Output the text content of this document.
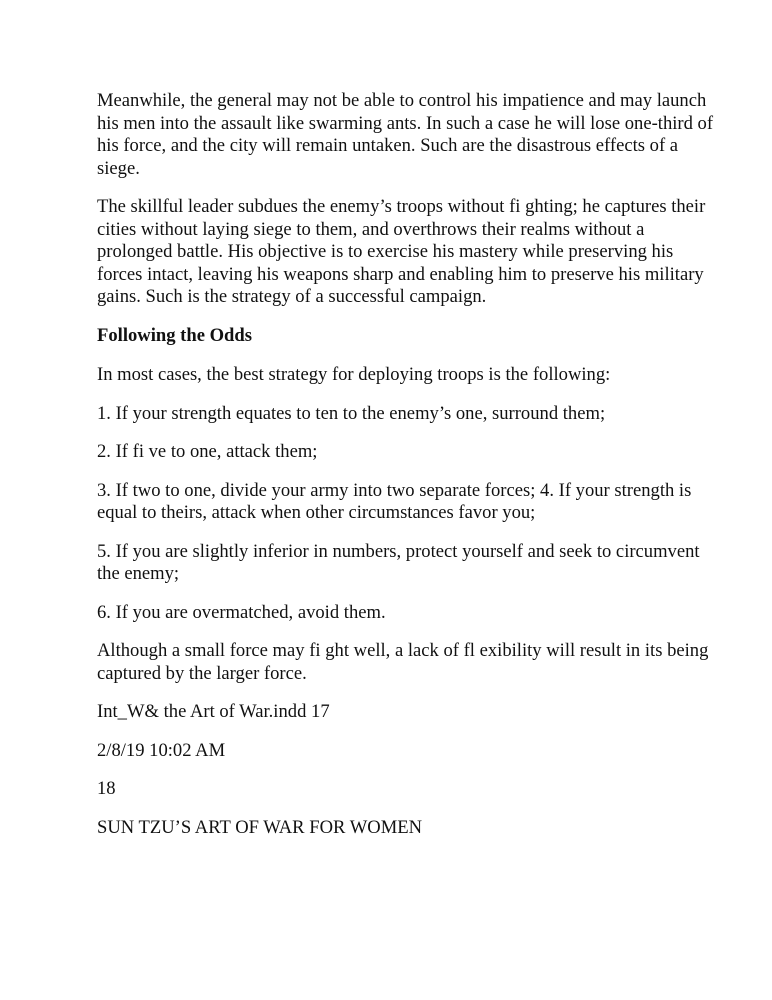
Meanwhile, the general may not be able to control his impatience and may launch his men into the assault like swarming ants. In such a case he will lose one-third of his force, and the city will remain untaken. Such are the disastrous effects of a siege.

The skillful leader subdues the enemy’s troops without fi ghting; he captures their cities without laying siege to them, and overthrows their realms without a prolonged battle. His objective is to exercise his mastery while preserving his forces intact, leaving his weapons sharp and enabling him to preserve his military gains. Such is the strategy of a successful campaign.

Following the Odds

In most cases, the best strategy for deploying troops is the following:

1. If your strength equates to ten to the enemy’s one, surround them;

2. If fi ve to one, attack them;

3. If two to one, divide your army into two separate forces; 4. If your strength is equal to theirs, attack when other circumstances favor you;

5. If you are slightly inferior in numbers, protect yourself and seek to circumvent the enemy;

6. If you are overmatched, avoid them.

Although a small force may fi ght well, a lack of fl exibility will result in its being captured by the larger force.

Int_W& the Art of War.indd 17

2/8/19 10:02 AM

18

SUN TZU’S ART OF WAR FOR WOMEN
